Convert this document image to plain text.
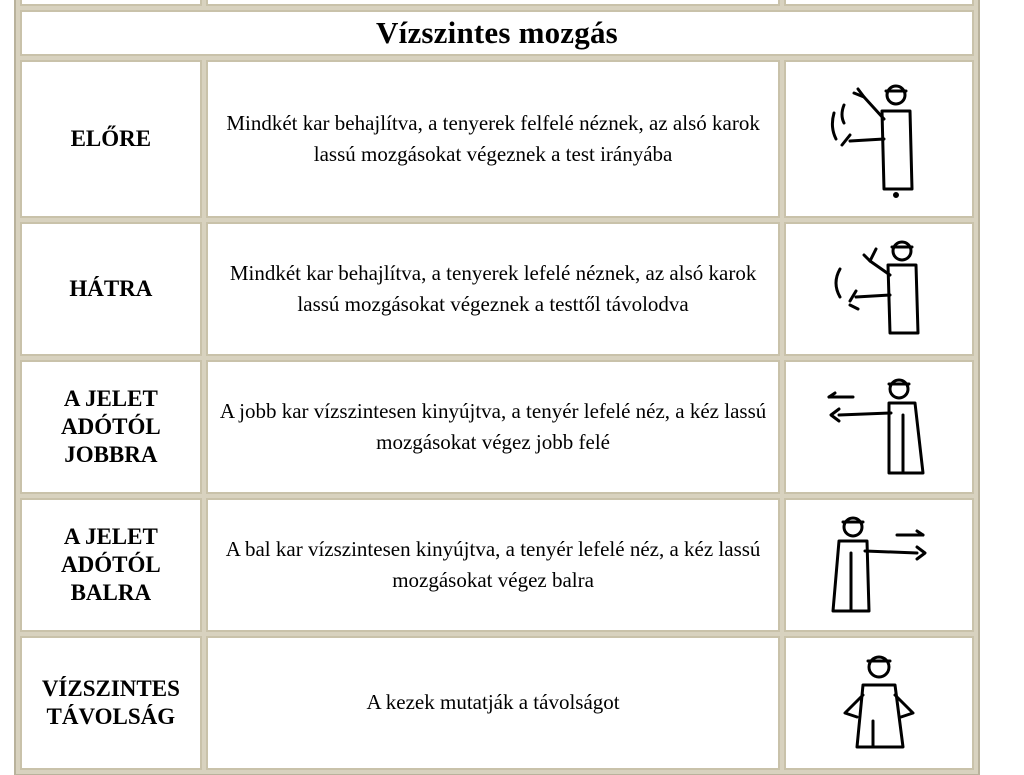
Vízszintes mozgás		
ELŐRE	Mindkét kar behajlítva, a tenyerek felfelé néznek, az alsó karok lassú mozgásokat végeznek a test irányába	

HÁTRA	Mindkét kar behajlítva, a tenyerek lefelé néznek, az alsó karok lassú mozgásokat végeznek a testtől távolodva	

A JELET
ADÓTÓL
JOBBRA	A jobb kar vízszintesen kinyújtva, a tenyér lefelé néz, a kéz lassú mozgásokat végez jobb felé	

A JELET
ADÓTÓL
BALRA	A bal kar vízszintesen kinyújtva, a tenyér lefelé néz, a kéz lassú mozgásokat végez balra	

VÍZSZINTES
TÁVOLSÁG	A kezek mutatják a távolságot	
